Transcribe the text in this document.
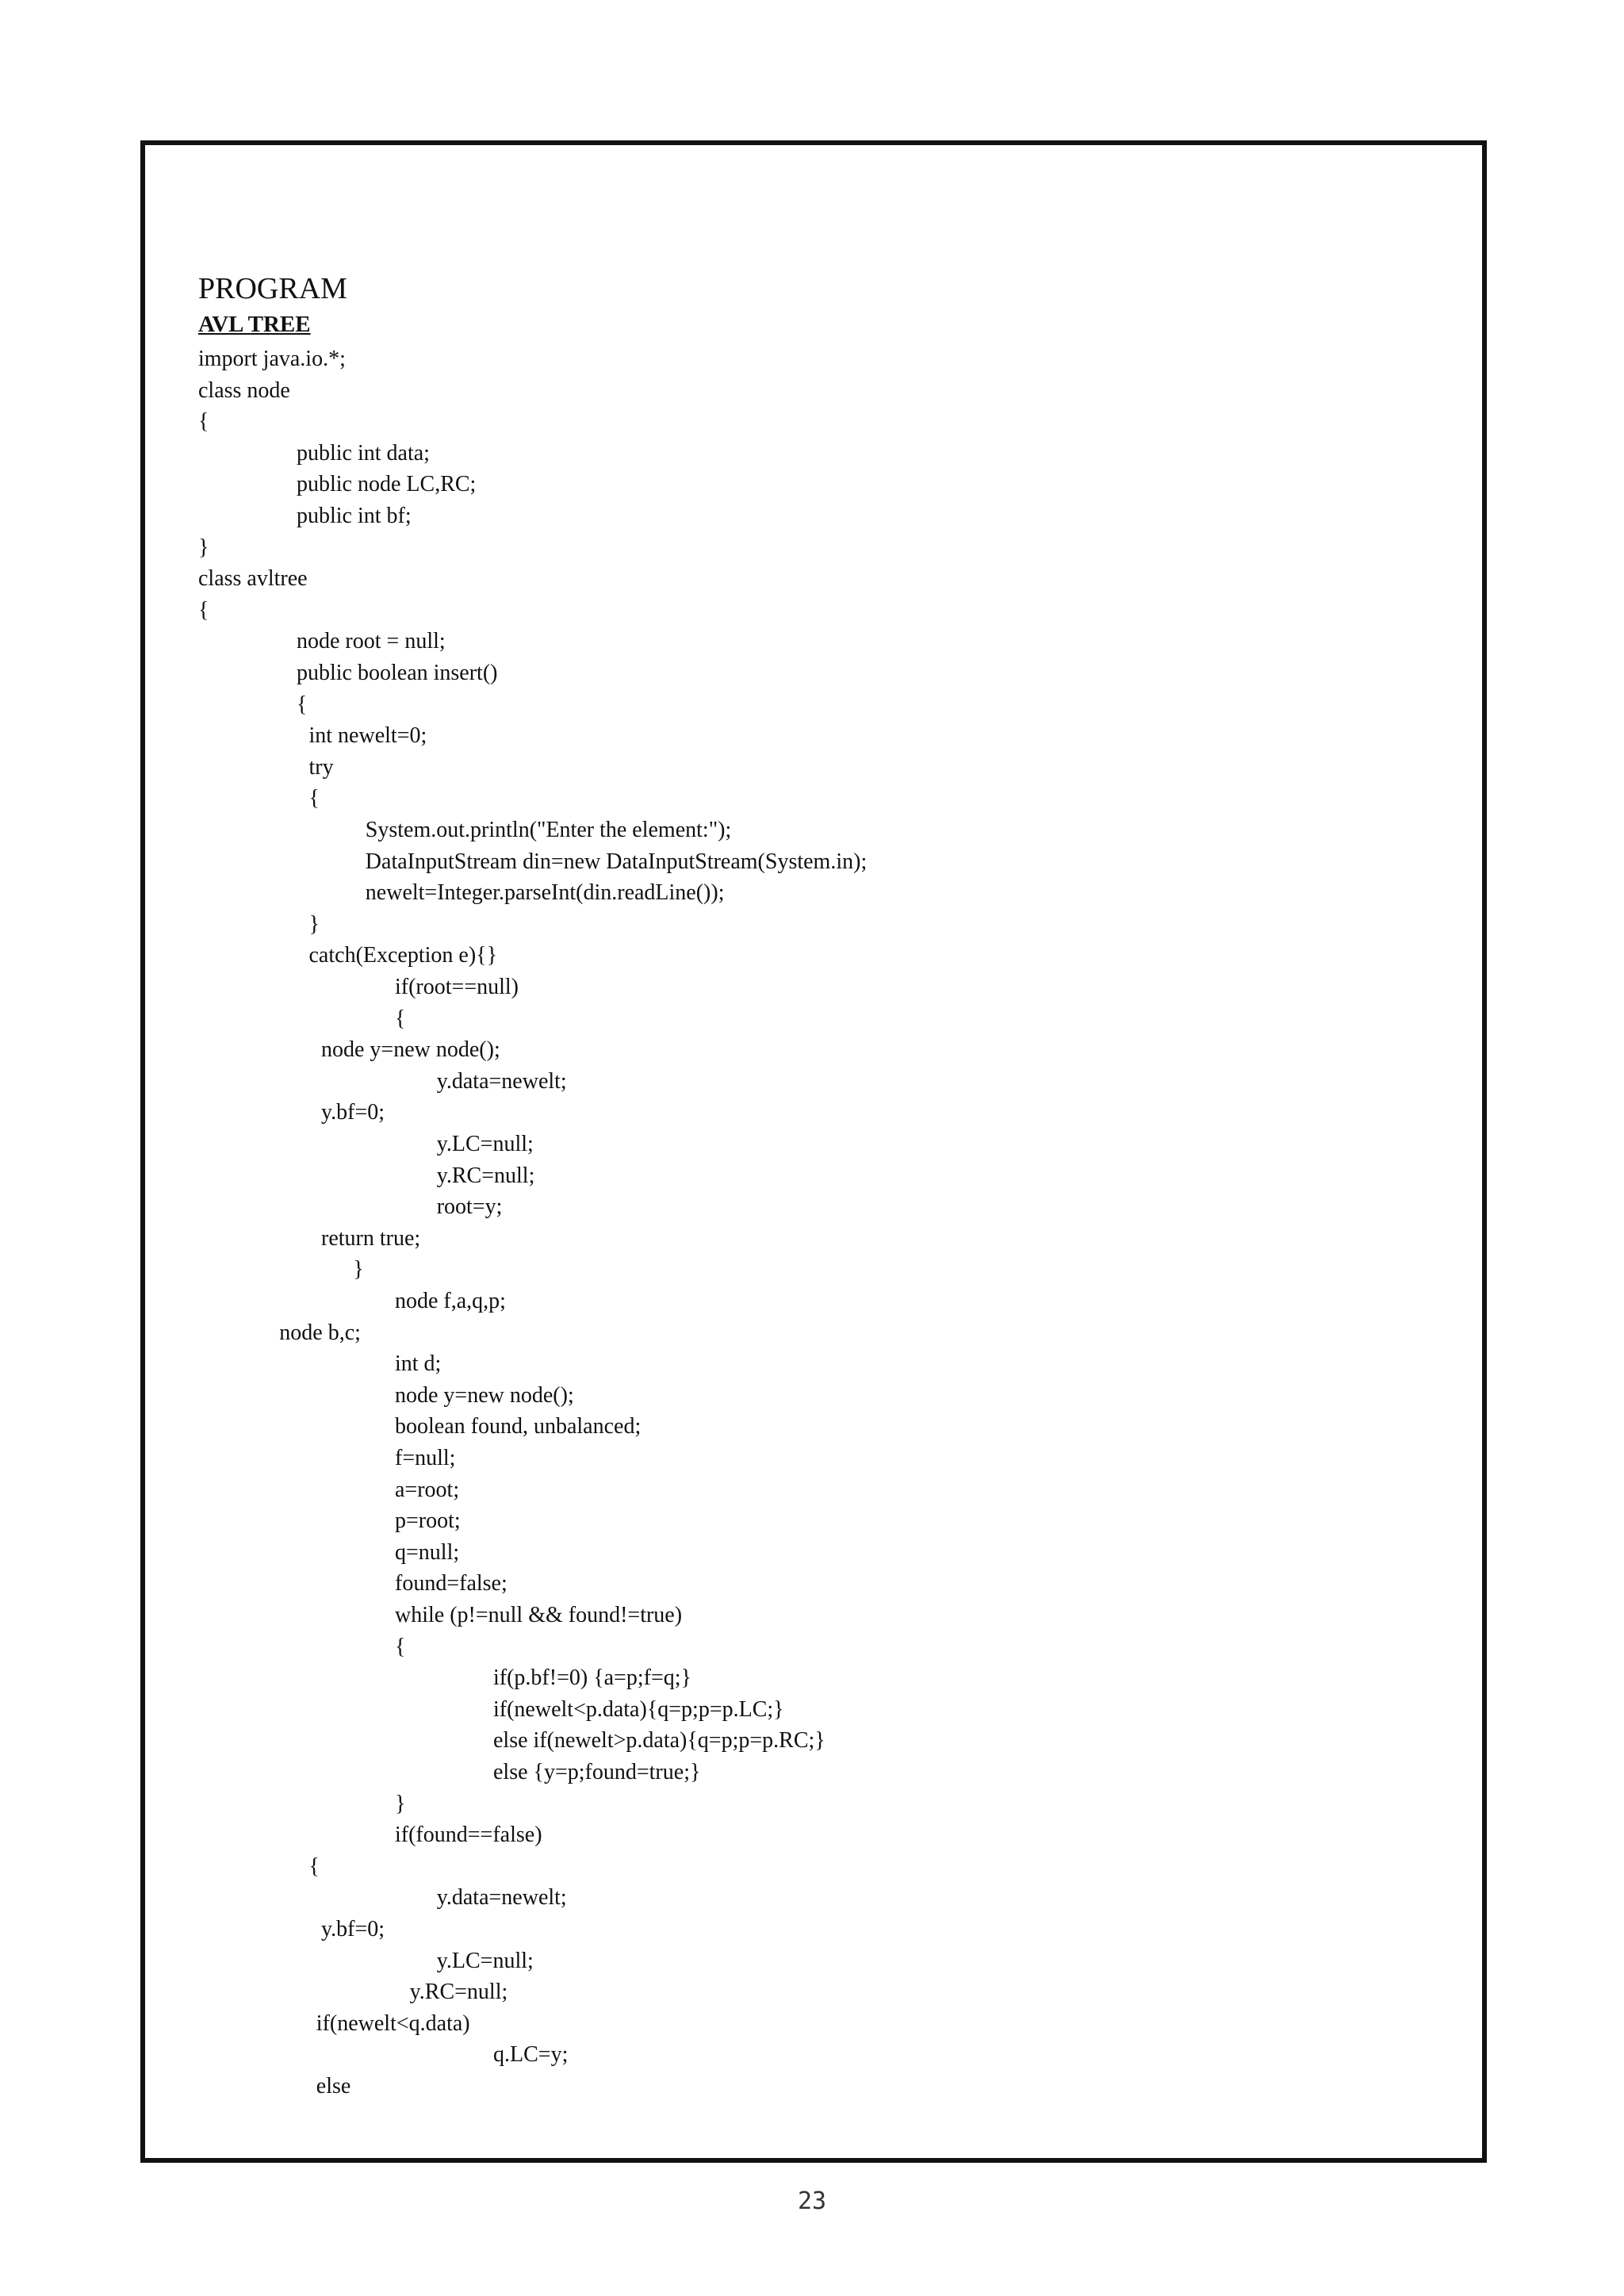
PROGRAM
AVL TREE
import java.io.*;
class node
{
public int data;
public node LC,RC;
public int bf;
}
class avltree
{
node root = null;
public boolean insert()
{
int newelt=0;
try
{
System.out.println("Enter the element:");
DataInputStream din=new DataInputStream(System.in);
newelt=Integer.parseInt(din.readLine());
}
catch(Exception e){}
if(root==null)
{
node y=new node();
y.data=newelt;
y.bf=0;
y.LC=null;
y.RC=null;
root=y;
return true;
}
node f,a,q,p;
node b,c;
int d;
node y=new node();
boolean found, unbalanced;
f=null;
a=root;
p=root;
q=null;
found=false;
while (p!=null && found!=true)
{
if(p.bf!=0) {a=p;f=q;}
if(newelt<p.data){q=p;p=p.LC;}
else if(newelt>p.data){q=p;p=p.RC;}
else {y=p;found=true;}
}
if(found==false)
{
y.data=newelt;
y.bf=0;
y.LC=null;
y.RC=null;
if(newelt<q.data)
q.LC=y;
else
23
